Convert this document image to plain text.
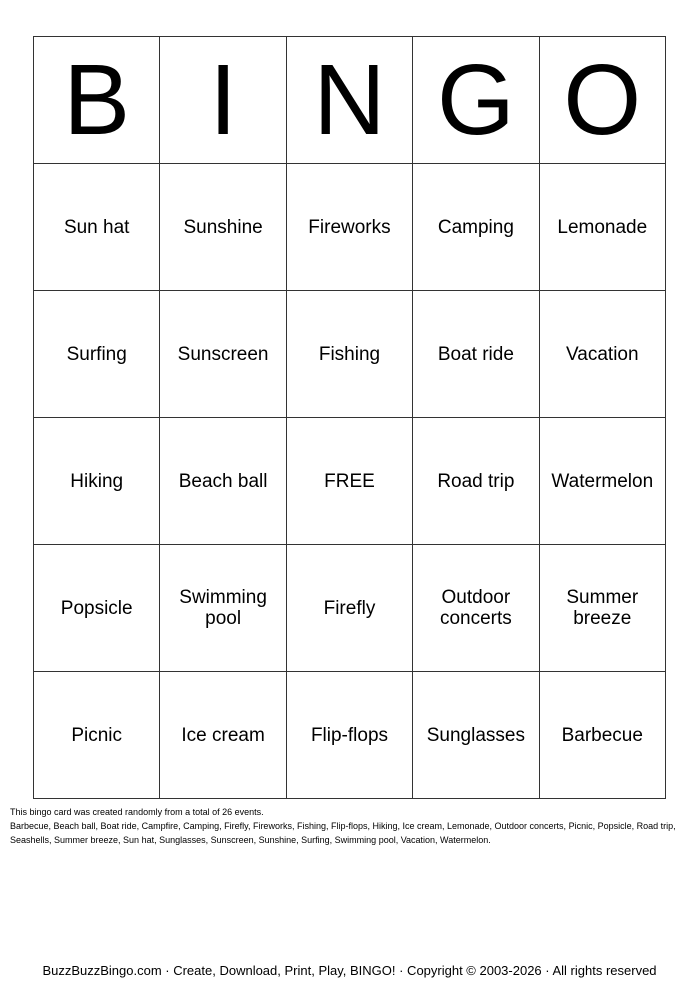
B	I	N	G	O
Sun hat	Sunshine	Fireworks	Camping	Lemonade
Surfing	Sunscreen	Fishing	Boat ride	Vacation
Hiking	Beach ball	FREE	Road trip	Watermelon
Popsicle	Swimming pool	Firefly	Outdoor concerts	Summer breeze
Picnic	Ice cream	Flip-flops	Sunglasses	Barbecue

This bingo card was created randomly from a total of 26 events.

Barbecue, Beach ball, Boat ride, Campfire, Camping, Firefly, Fireworks, Fishing, Flip-flops, Hiking, Ice cream, Lemonade, Outdoor concerts, Picnic, Popsicle, Road trip, Seashells, Summer breeze, Sun hat, Sunglasses, Sunscreen, Sunshine, Surfing, Swimming pool, Vacation, Watermelon.

BuzzBuzzBingo.com · Create, Download, Print, Play, BINGO! · Copyright © 2003-2026 · All rights reserved
